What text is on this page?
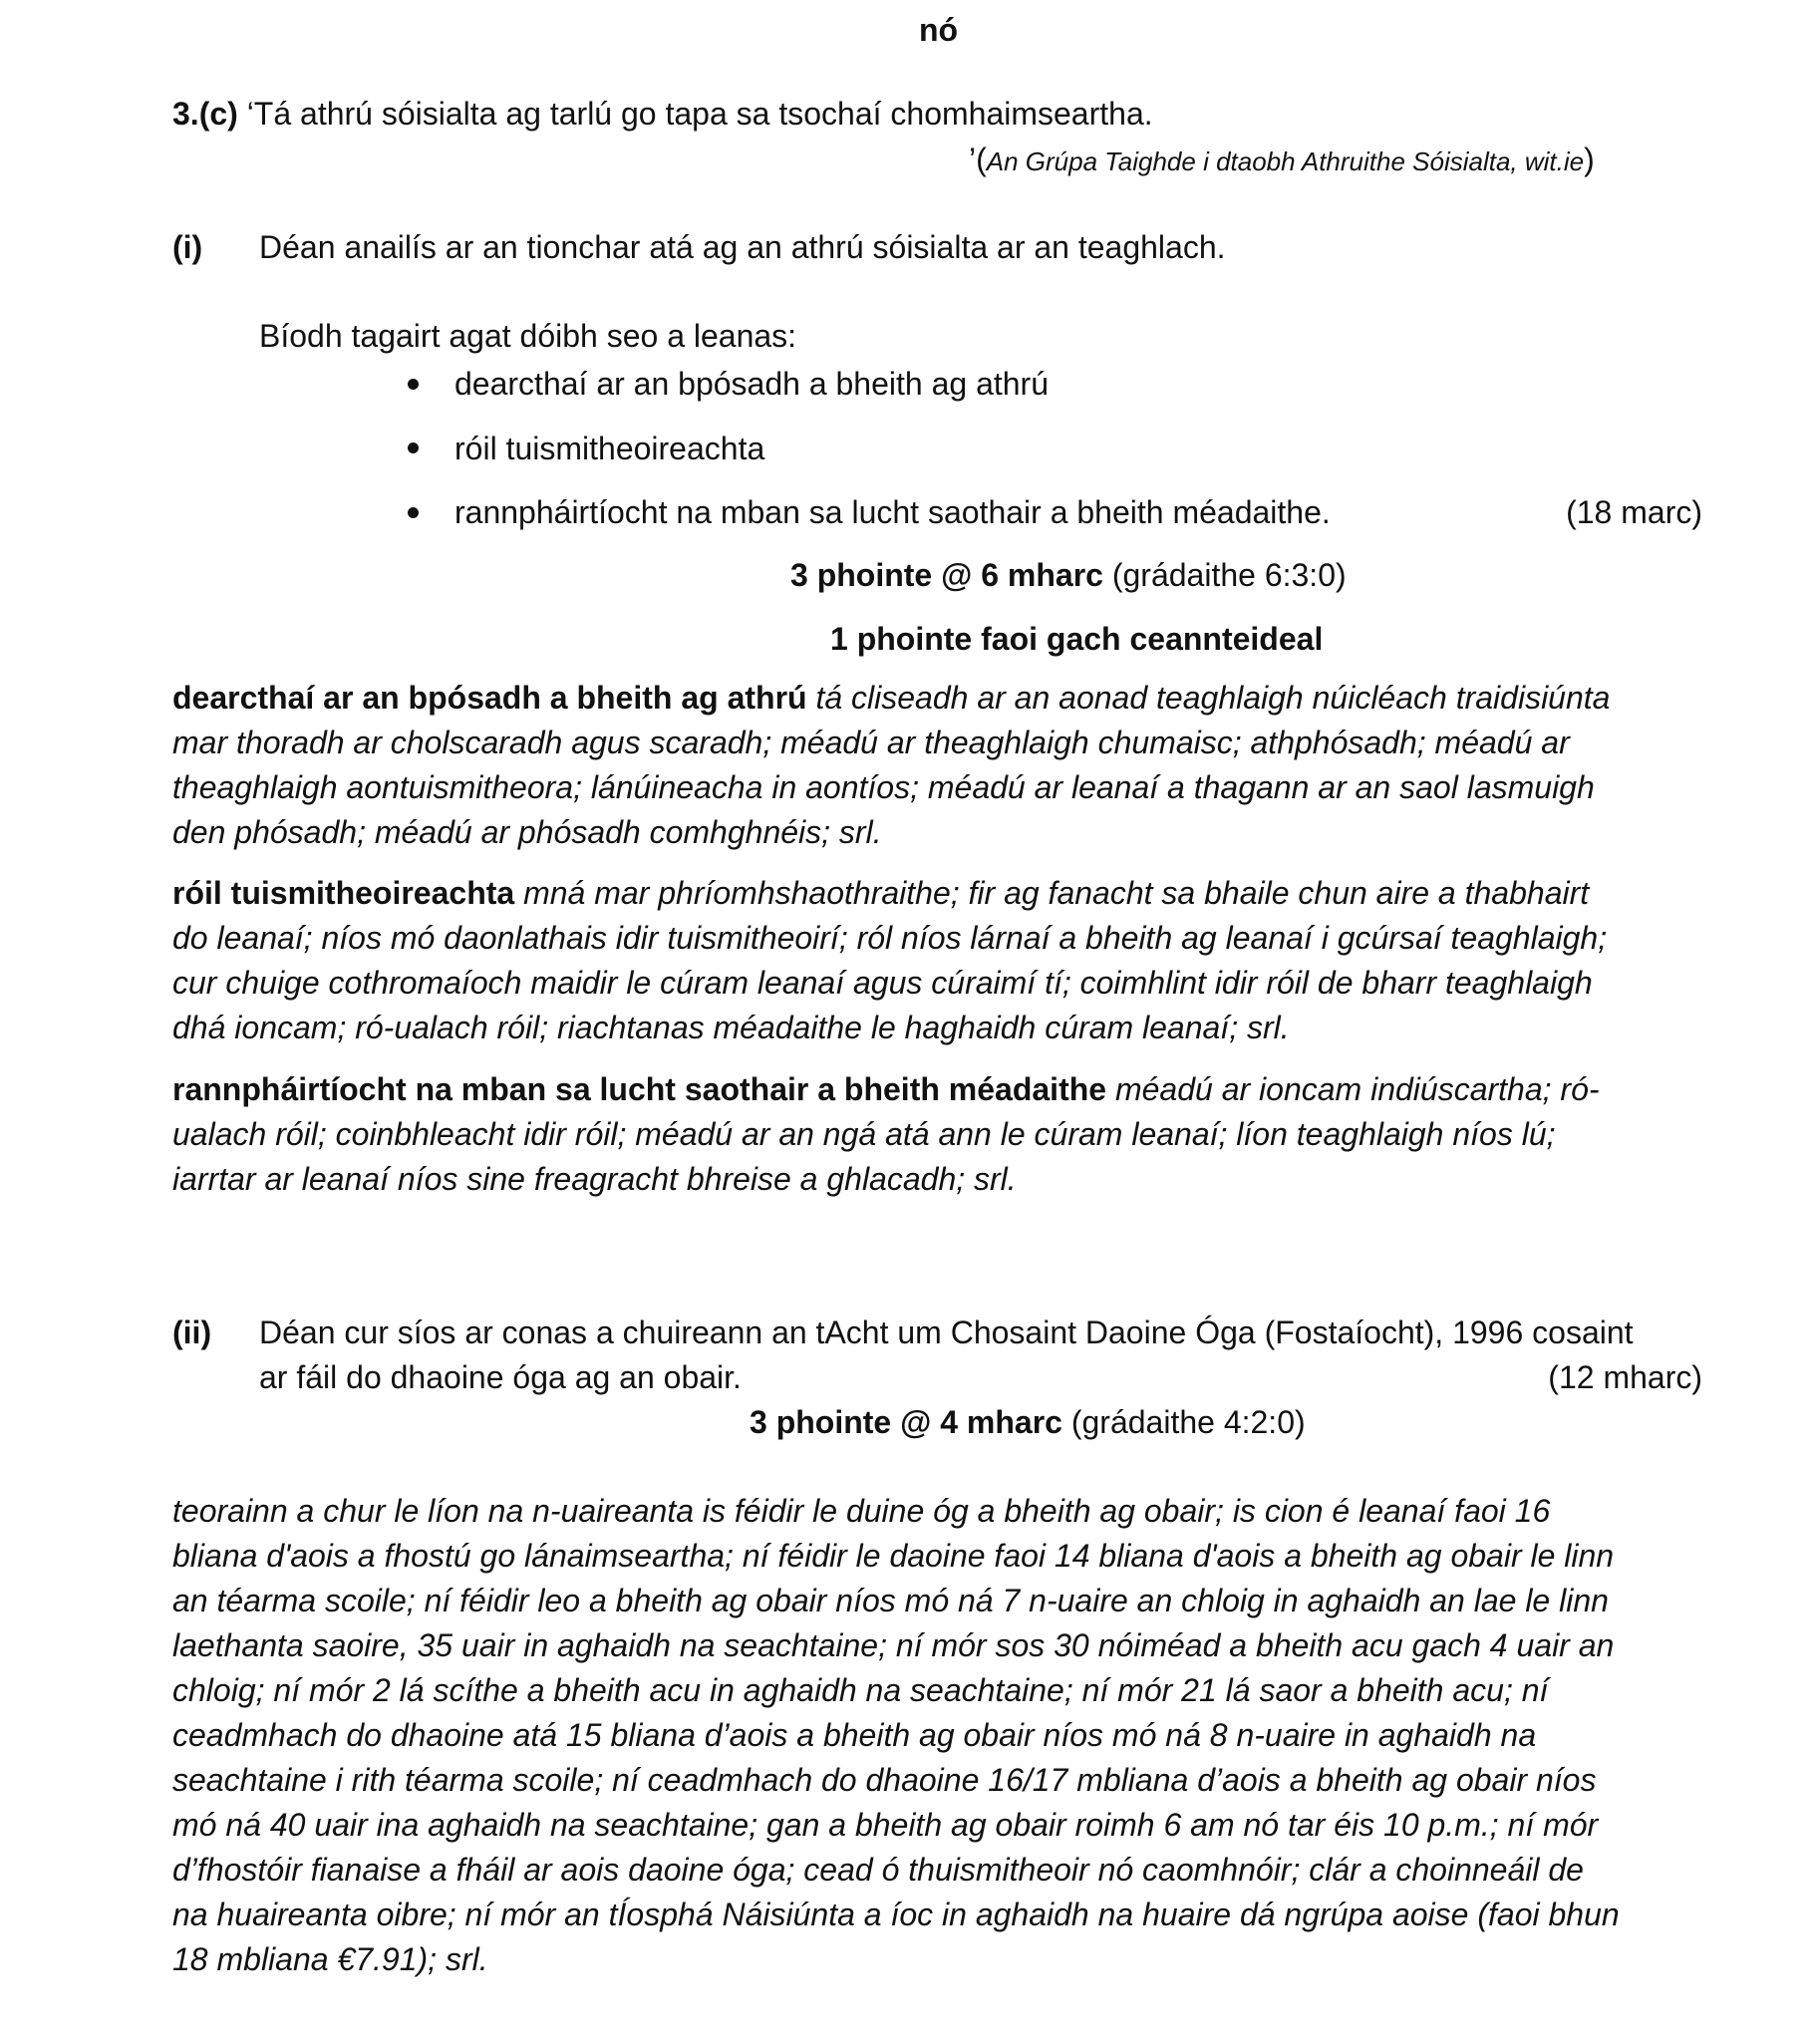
nó
3.(c) ‘Tá athrú sóisialta ag tarlú go tapa sa tsochaí chomhaimseartha.
’(An Grúpa Taighde i dtaobh Athruithe Sóisialta, wit.ie)
(i) Déan anailís ar an tionchar atá ag an athrú sóisialta ar an teaghlach.
Bíodh tagairt agat dóibh seo a leanas:
dearcthaí ar an bpósadh a bheith ag athrú
róil tuismitheoireachta
rannpháirtíocht na mban sa lucht saothair a bheith méadaithe.	(18 marc)
3 phointe @ 6 mharc (grádaithe 6:3:0)
1 phointe faoi gach ceannteideal

dearcthaí ar an bpósadh a bheith ag athrú tá cliseadh ar an aonad teaghlaigh núicléach traidisiúnta

mar thoradh ar cholscaradh agus scaradh; méadú ar theaghlaigh chumaisc; athphósadh; méadú ar

theaghlaigh aontuismitheora; lánúineacha in aontíos; méadú ar leanaí a thagann ar an saol lasmuigh

den phósadh; méadú ar phósadh comhghnéis; srl.

róil tuismitheoireachta mná mar phríomhshaothraithe; fir ag fanacht sa bhaile chun aire a thabhairt

do leanaí; níos mó daonlathais idir tuismitheoirí; ról níos lárnaí a bheith ag leanaí i gcúrsaí teaghlaigh;

cur chuige cothromaíoch maidir le cúram leanaí agus cúraimí tí; coimhlint idir róil de bharr teaghlaigh

dhá ioncam; ró-ualach róil; riachtanas méadaithe le haghaidh cúram leanaí; srl.

rannpháirtíocht na mban sa lucht saothair a bheith méadaithe méadú ar ioncam indiúscartha; ró-

ualach róil; coinbhleacht idir róil; méadú ar an ngá atá ann le cúram leanaí; líon teaghlaigh níos lú;

iarrtar ar leanaí níos sine freagracht bhreise a ghlacadh; srl.

(ii) Déan cur síos ar conas a chuireann an tAcht um Chosaint Daoine Óga (Fostaíocht), 1996 cosaint
ar fáil do dhaoine óga ag an obair.	(12 mharc)
3 phointe @ 4 mharc (grádaithe 4:2:0)

teorainn a chur le líon na n-uaireanta is féidir le duine óg a bheith ag obair; is cion é leanaí faoi 16

bliana d'aois a fhostú go lánaimseartha; ní féidir le daoine faoi 14 bliana d'aois a bheith ag obair le linn

an téarma scoile; ní féidir leo a bheith ag obair níos mó ná 7 n-uaire an chloig in aghaidh an lae le linn

laethanta saoire, 35 uair in aghaidh na seachtaine; ní mór sos 30 nóiméad a bheith acu gach 4 uair an

chloig; ní mór 2 lá scíthe a bheith acu in aghaidh na seachtaine; ní mór 21 lá saor a bheith acu; ní

ceadmhach do dhaoine atá 15 bliana d’aois a bheith ag obair níos mó ná 8 n-uaire in aghaidh na

seachtaine i rith téarma scoile; ní ceadmhach do dhaoine 16/17 mbliana d’aois a bheith ag obair níos

mó ná 40 uair ina aghaidh na seachtaine; gan a bheith ag obair roimh 6 am nó tar éis 10 p.m.; ní mór

d’fhostóir fianaise a fháil ar aois daoine óga; cead ó thuismitheoir nó caomhnóir; clár a choinneáil de

na huaireanta oibre; ní mór an tÍosphá Náisiúnta a íoc in aghaidh na huaire dá ngrúpa aoise (faoi bhun

18 mbliana €7.91); srl.
